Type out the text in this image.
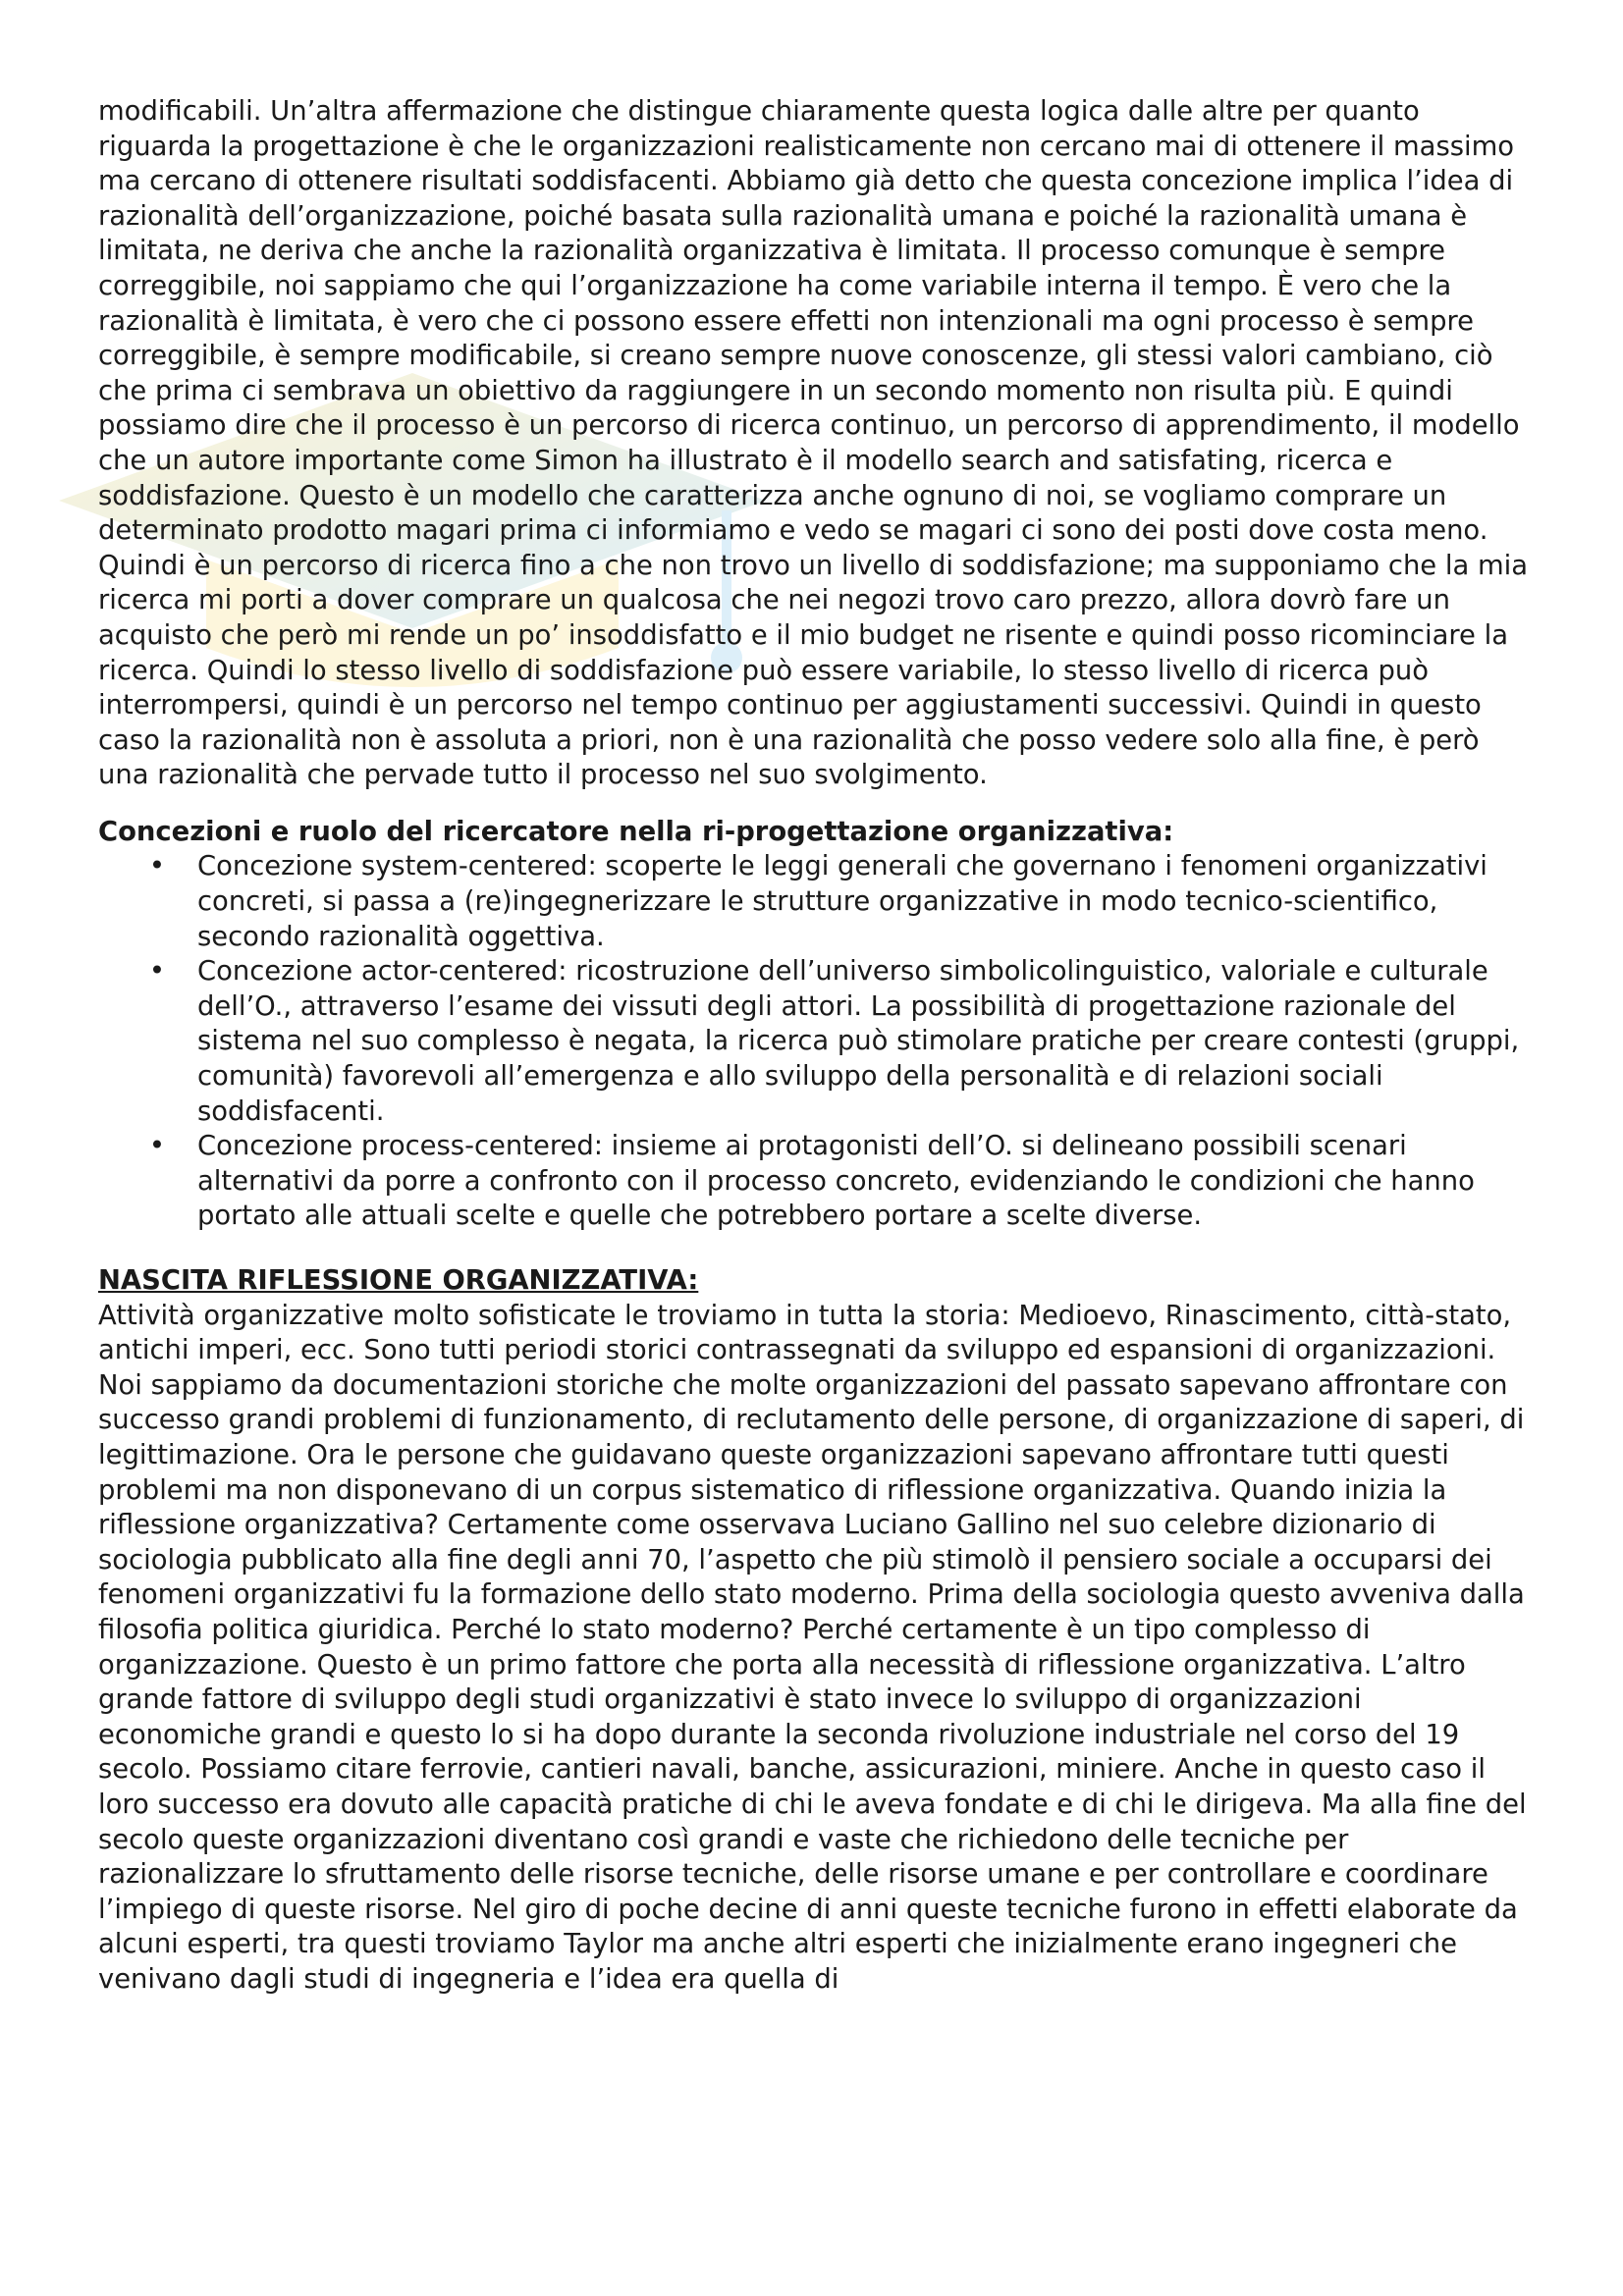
modificabili. Un’altra affermazione che distingue chiaramente questa logica dalle altre per quanto riguarda la progettazione è che le organizzazioni realisticamente non cercano mai di ottenere il massimo ma cercano di ottenere risultati soddisfacenti. Abbiamo già detto che questa concezione implica l’idea di razionalità dell’organizzazione, poiché basata sulla razionalità umana e poiché la razionalità umana è limitata, ne deriva che anche la razionalità organizzativa è limitata. Il processo comunque è sempre correggibile, noi sappiamo che qui l’organizzazione ha come variabile interna il tempo. È vero che la razionalità è limitata, è vero che ci possono essere effetti non intenzionali ma ogni processo è sempre correggibile, è sempre modificabile, si creano sempre nuove conoscenze, gli stessi valori cambiano, ciò che prima ci sembrava un obiettivo da raggiungere in un secondo momento non risulta più. E quindi possiamo dire che il processo è un percorso di ricerca continuo, un percorso di apprendimento, il modello che un autore importante come Simon ha illustrato è il modello search and satisfating, ricerca e soddisfazione. Questo è un modello che caratterizza anche ognuno di noi, se vogliamo comprare un determinato prodotto magari prima ci informiamo e vedo se magari ci sono dei posti dove costa meno. Quindi è un percorso di ricerca fino a che non trovo un livello di soddisfazione; ma supponiamo che la mia ricerca mi porti a dover comprare un qualcosa che nei negozi trovo caro prezzo, allora dovrò fare un acquisto che però mi rende un po’ insoddisfatto e il mio budget ne risente e quindi posso ricominciare la ricerca. Quindi lo stesso livello di soddisfazione può essere variabile, lo stesso livello di ricerca può interrompersi, quindi è un percorso nel tempo continuo per aggiustamenti successivi. Quindi in questo caso la razionalità non è assoluta a priori, non è una razionalità che posso vedere solo alla fine, è però una razionalità che pervade tutto il processo nel suo svolgimento.

Concezioni e ruolo del ricercatore nella ri-progettazione organizzativa:

• Concezione system-centered: scoperte le leggi generali che governano i fenomeni organizzativi concreti, si passa a (re)ingegnerizzare le strutture organizzative in modo tecnico-scientifico, secondo razionalità oggettiva.
• Concezione actor-centered: ricostruzione dell’universo simbolicolinguistico, valoriale e culturale dell’O., attraverso l’esame dei vissuti degli attori. La possibilità di progettazione razionale del sistema nel suo complesso è negata, la ricerca può stimolare pratiche per creare contesti (gruppi, comunità) favorevoli all’emergenza e allo sviluppo della personalità e di relazioni sociali soddisfacenti.
• Concezione process-centered: insieme ai protagonisti dell’O. si delineano possibili scenari alternativi da porre a confronto con il processo concreto, evidenziando le condizioni che hanno portato alle attuali scelte e quelle che potrebbero portare a scelte diverse.

NASCITA RIFLESSIONE ORGANIZZATIVA:

Attività organizzative molto sofisticate le troviamo in tutta la storia: Medioevo, Rinascimento, città-stato, antichi imperi, ecc. Sono tutti periodi storici contrassegnati da sviluppo ed espansioni di organizzazioni. Noi sappiamo da documentazioni storiche che molte organizzazioni del passato sapevano affrontare con successo grandi problemi di funzionamento, di reclutamento delle persone, di organizzazione di saperi, di legittimazione. Ora le persone che guidavano queste organizzazioni sapevano affrontare tutti questi problemi ma non disponevano di un corpus sistematico di riflessione organizzativa. Quando inizia la riflessione organizzativa? Certamente come osservava Luciano Gallino nel suo celebre dizionario di sociologia pubblicato alla fine degli anni 70, l’aspetto che più stimolò il pensiero sociale a occuparsi dei fenomeni organizzativi fu la formazione dello stato moderno. Prima della sociologia questo avveniva dalla filosofia politica giuridica. Perché lo stato moderno? Perché certamente è un tipo complesso di organizzazione. Questo è un primo fattore che porta alla necessità di riflessione organizzativa. L’altro grande fattore di sviluppo degli studi organizzativi è stato invece lo sviluppo di organizzazioni economiche grandi e questo lo si ha dopo durante la seconda rivoluzione industriale nel corso del 19 secolo. Possiamo citare ferrovie, cantieri navali, banche, assicurazioni, miniere. Anche in questo caso il loro successo era dovuto alle capacità pratiche di chi le aveva fondate e di chi le dirigeva. Ma alla fine del secolo queste organizzazioni diventano così grandi e vaste che richiedono delle tecniche per razionalizzare lo sfruttamento delle risorse tecniche, delle risorse umane e per controllare e coordinare l’impiego di queste risorse. Nel giro di poche decine di anni queste tecniche furono in effetti elaborate da alcuni esperti, tra questi troviamo Taylor ma anche altri esperti che inizialmente erano ingegneri che venivano dagli studi di ingegneria e l’idea era quella di
